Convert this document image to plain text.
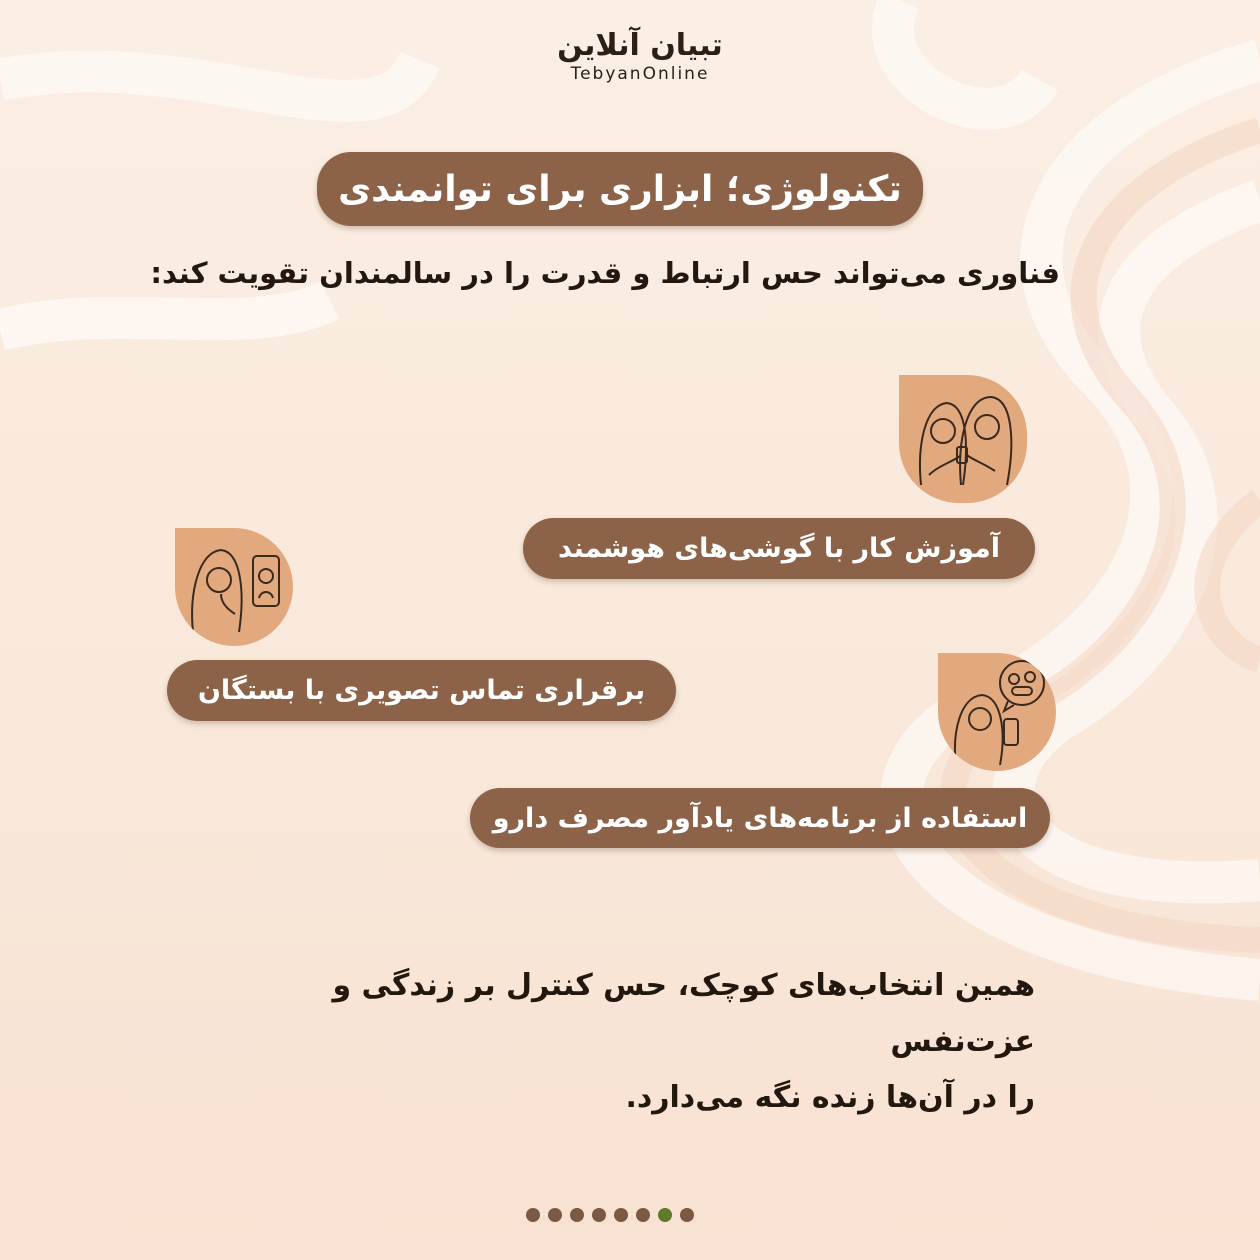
تبیان آنلاین
TebyanOnline
تکنولوژی؛ ابزاری برای توانمندی
فناوری می‌تواند حس ارتباط و قدرت را در سالمندان تقویت کند:
آموزش کار با گوشی‌های هوشمند
برقراری تماس تصویری با بستگان
استفاده از برنامه‌های یادآور مصرف دارو
همین انتخاب‌های کوچک، حس کنترل بر زندگی و عزت‌نفس
را در آن‌ها زنده نگه می‌دارد.
